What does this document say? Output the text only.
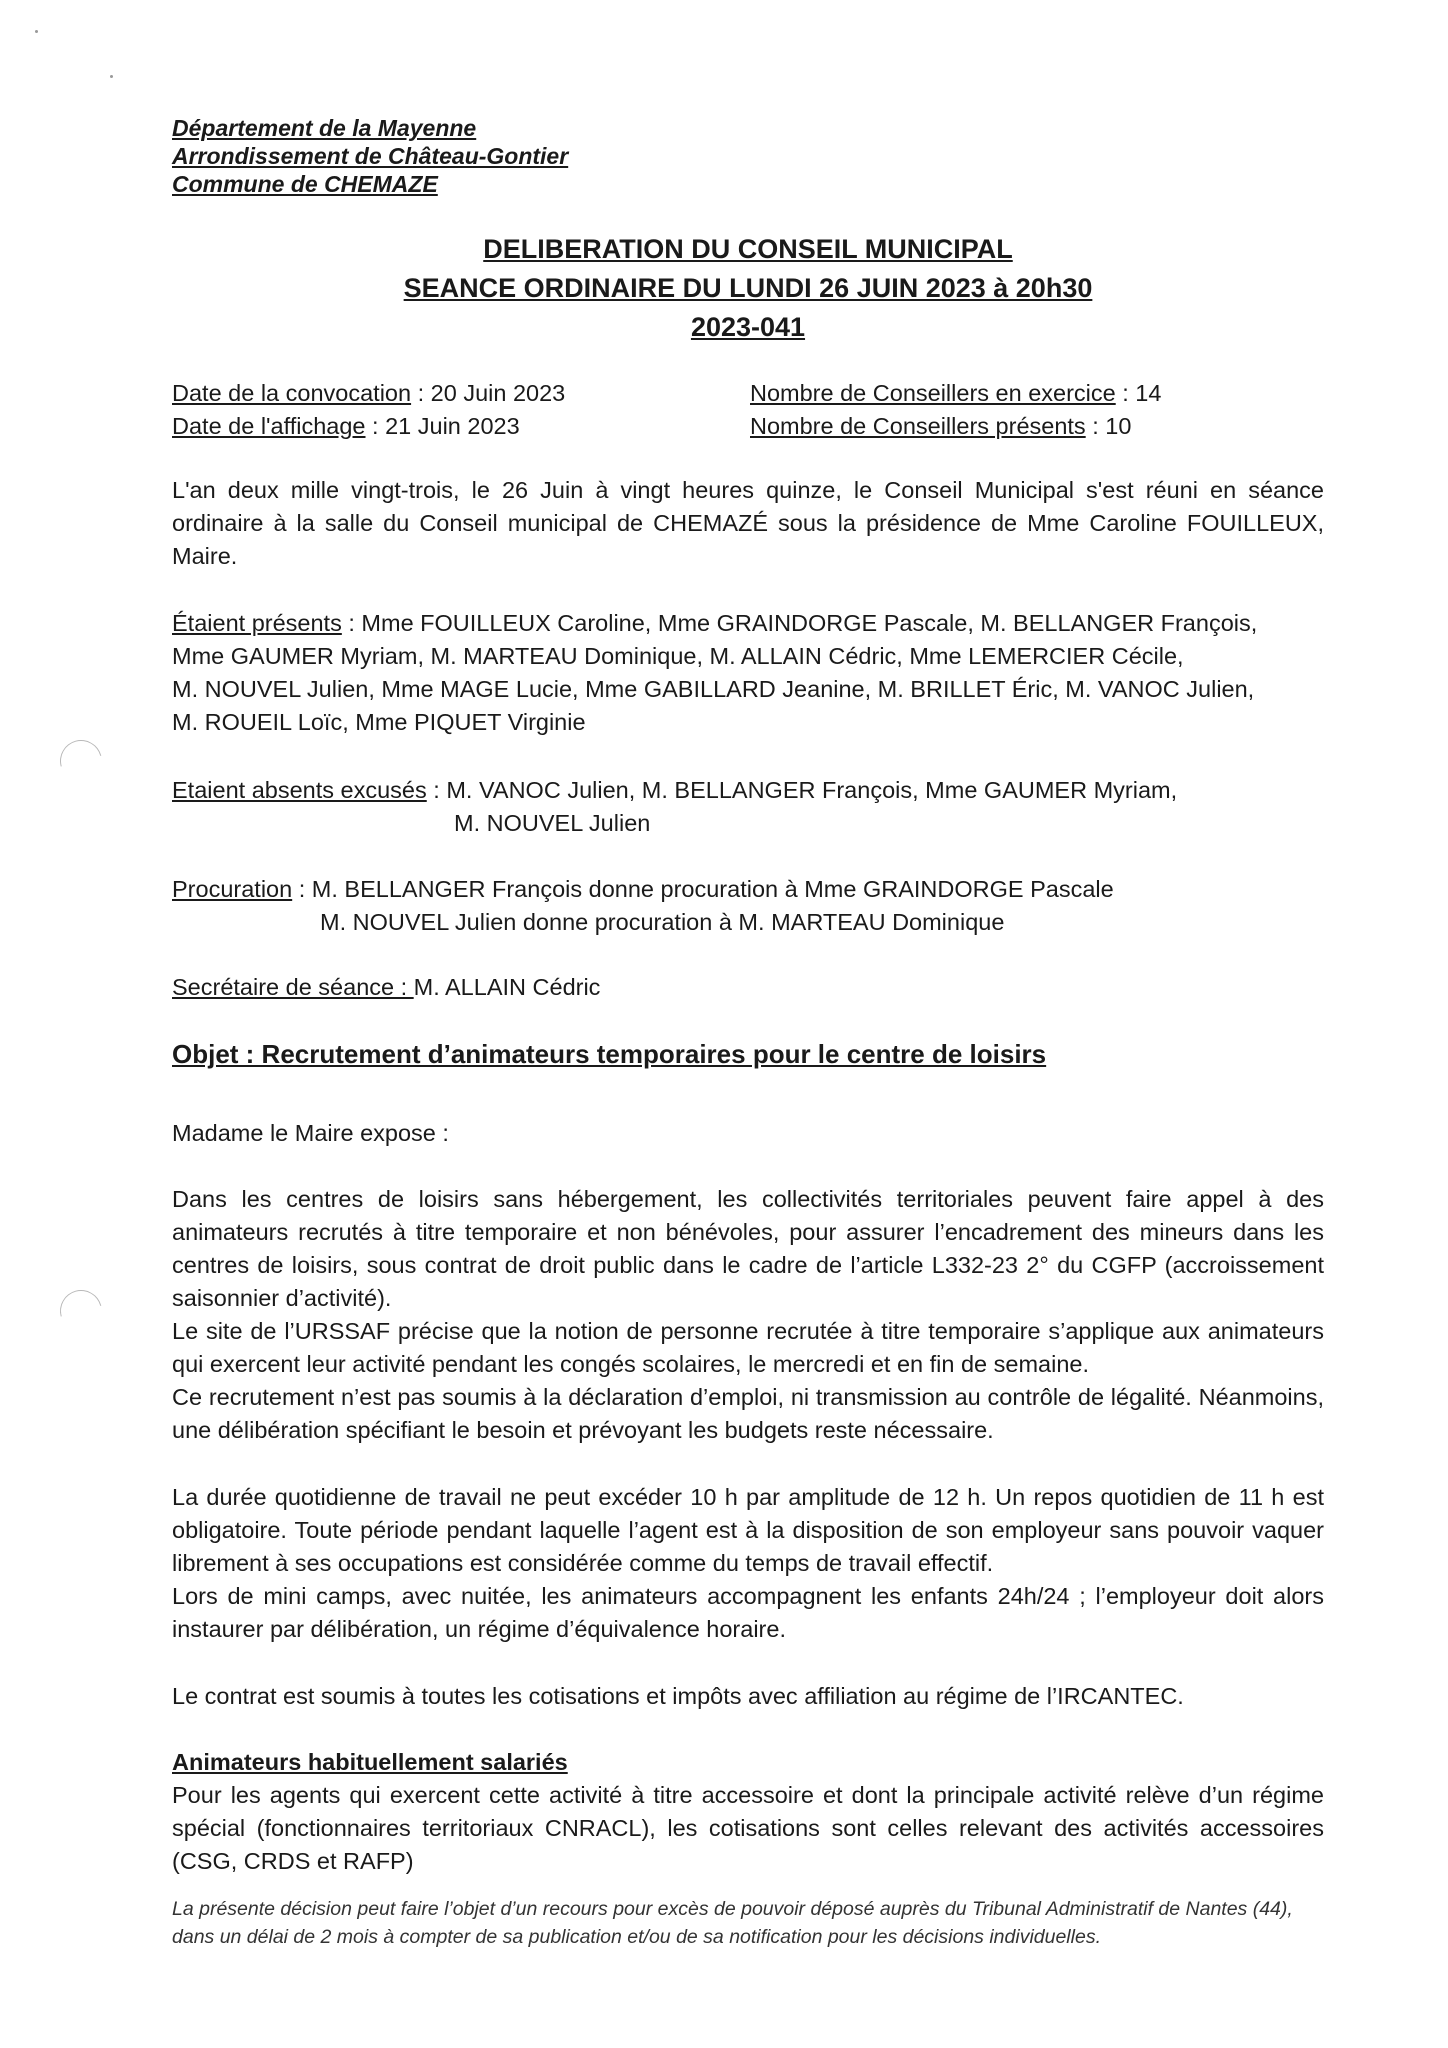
Département de la Mayenne
Arrondissement de Château-Gontier
Commune de CHEMAZE
DELIBERATION DU CONSEIL MUNICIPAL
SEANCE ORDINAIRE DU LUNDI 26 JUIN 2023 à 20h30
2023-041
Date de la convocation : 20 Juin 2023
Date de l'affichage : 21 Juin 2023
Nombre de Conseillers en exercice : 14
Nombre de Conseillers présents : 10
L'an deux mille vingt-trois, le 26 Juin à vingt heures quinze, le Conseil Municipal s'est réuni en séance ordinaire à la salle du Conseil municipal de CHEMAZÉ sous la présidence de Mme Caroline FOUILLEUX, Maire.
Étaient présents : Mme FOUILLEUX Caroline, Mme GRAINDORGE Pascale, M. BELLANGER François,
Mme GAUMER Myriam, M. MARTEAU Dominique, M. ALLAIN Cédric, Mme LEMERCIER Cécile,
M. NOUVEL Julien, Mme MAGE Lucie, Mme GABILLARD Jeanine, M. BRILLET Éric, M. VANOC Julien,
M. ROUEIL Loïc, Mme PIQUET Virginie
Etaient absents excusés : M. VANOC Julien, M. BELLANGER François, Mme GAUMER Myriam,
M. NOUVEL Julien
Procuration : M. BELLANGER François donne procuration à Mme GRAINDORGE Pascale
M. NOUVEL Julien donne procuration à M. MARTEAU Dominique
Secrétaire de séance : M. ALLAIN Cédric
Objet : Recrutement d’animateurs temporaires pour le centre de loisirs
Madame le Maire expose :
Dans les centres de loisirs sans hébergement, les collectivités territoriales peuvent faire appel à des animateurs recrutés à titre temporaire et non bénévoles, pour assurer l’encadrement des mineurs dans les centres de loisirs, sous contrat de droit public dans le cadre de l’article L332-23 2° du CGFP (accroissement saisonnier d’activité).
Le site de l’URSSAF précise que la notion de personne recrutée à titre temporaire s’applique aux animateurs qui exercent leur activité pendant les congés scolaires, le mercredi et en fin de semaine.
Ce recrutement n’est pas soumis à la déclaration d’emploi, ni transmission au contrôle de légalité. Néanmoins, une délibération spécifiant le besoin et prévoyant les budgets reste nécessaire.
La durée quotidienne de travail ne peut excéder 10 h par amplitude de 12 h. Un repos quotidien de 11 h est obligatoire. Toute période pendant laquelle l’agent est à la disposition de son employeur sans pouvoir vaquer librement à ses occupations est considérée comme du temps de travail effectif.
Lors de mini camps, avec nuitée, les animateurs accompagnent les enfants 24h/24 ; l’employeur doit alors instaurer par délibération, un régime d’équivalence horaire.
Le contrat est soumis à toutes les cotisations et impôts avec affiliation au régime de l’IRCANTEC.
Animateurs habituellement salariés
Pour les agents qui exercent cette activité à titre accessoire et dont la principale activité relève d’un régime spécial (fonctionnaires territoriaux CNRACL), les cotisations sont celles relevant des activités accessoires (CSG, CRDS et RAFP)
La présente décision peut faire l’objet d’un recours pour excès de pouvoir déposé auprès du Tribunal Administratif de Nantes (44), dans un délai de 2 mois à compter de sa publication et/ou de sa notification pour les décisions individuelles.
